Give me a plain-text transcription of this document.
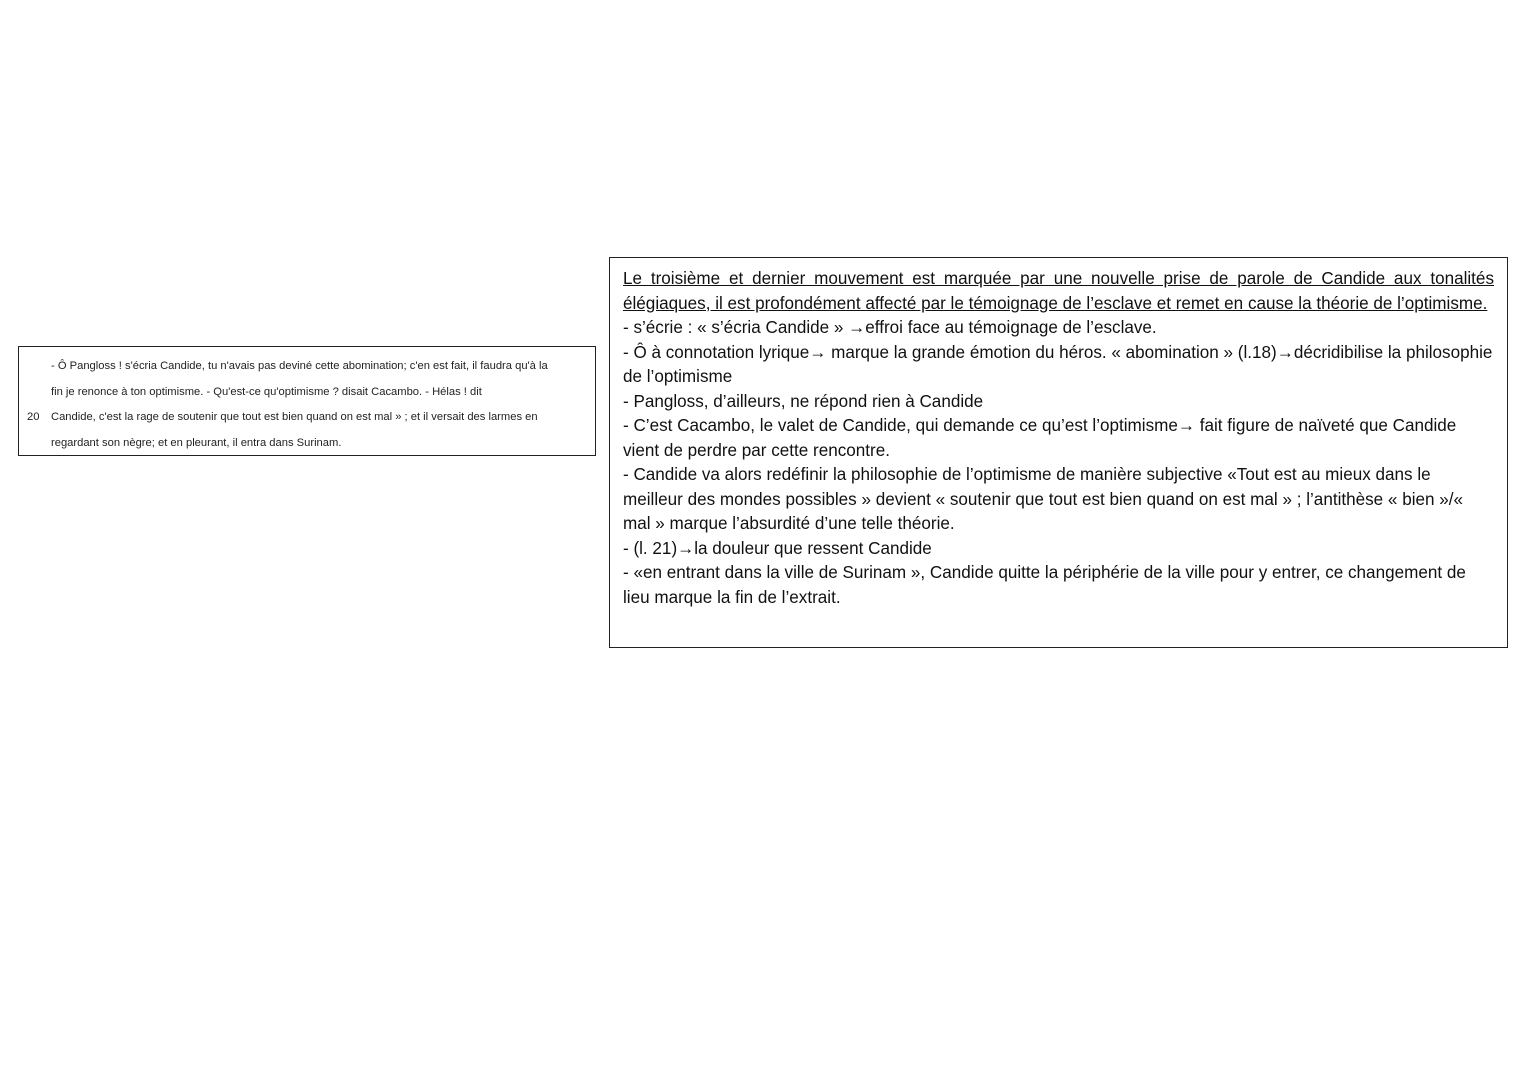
- Ô Pangloss ! s'écria Candide, tu n'avais pas deviné cette abomination; c'en est fait, il faudra qu'à la
fin je renonce à ton optimisme. - Qu'est-ce qu'optimisme ? disait Cacambo. - Hélas ! dit
20 Candide, c'est la rage de soutenir que tout est bien quand on est mal » ; et il versait des larmes en
regardant son nègre; et en pleurant, il entra dans Surinam.

Le troisième et dernier mouvement est marquée par une nouvelle prise de parole de Candide aux tonalités élégiaques, il est profondément affecté par le témoignage de l’esclave et remet en cause la théorie de l’optimisme.

- s’écrie : « s’écria Candide » →effroi face au témoignage de l’esclave.

- Ô à connotation lyrique→ marque la grande émotion du héros. « abomination » (l.18)→décridibilise la philosophie de l’optimisme

- Pangloss, d’ailleurs, ne répond rien à Candide

- C’est Cacambo, le valet de Candide, qui demande ce qu’est l’optimisme→ fait figure de naïveté que Candide vient de perdre par cette rencontre.

- Candide va alors redéfinir la philosophie de l’optimisme de manière subjective «Tout est au mieux dans le meilleur des mondes possibles » devient « soutenir que tout est bien quand on est mal » ; l’antithèse « bien »/« mal » marque l’absurdité d’une telle théorie.

- (l. 21)→la douleur que ressent Candide

- «en entrant dans la ville de Surinam », Candide quitte la périphérie de la ville pour y entrer, ce changement de lieu marque la fin de l’extrait.
